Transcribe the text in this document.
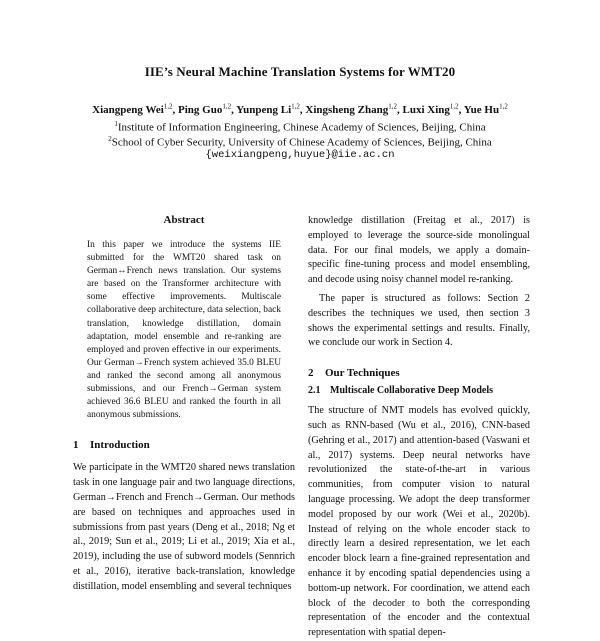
IIE’s Neural Machine Translation Systems for WMT20
Xiangpeng Wei$^{1,2}$, Ping Guo$^{1,2}$, Yunpeng Li$^{1,2}$, Xingsheng Zhang$^{1,2}$, Luxi Xing$^{1,2}$, Yue Hu$^{1,2}$
$^1$Institute of Information Engineering, Chinese Academy of Sciences, Beijing, China
$^2$School of Cyber Security, University of Chinese Academy of Sciences, Beijing, China
{weixiangpeng,huyue}@iie.ac.cn
Abstract

In this paper we introduce the systems IIE submitted for the WMT20 shared task on German↔French news translation. Our systems are based on the Transformer architecture with some effective improvements. Multiscale collaborative deep architecture, data selection, back translation, knowledge distillation, domain adaptation, model ensemble and re-ranking are employed and proven effective in our experiments. Our German→French system achieved 35.0 BLEU and ranked the second among all anonymous submissions, and our French→German system achieved 36.6 BLEU and ranked the fourth in all anonymous submissions.

1 Introduction

We participate in the WMT20 shared news translation task in one language pair and two language directions, German→French and French→German. Our methods are based on techniques and approaches used in submissions from past years (Deng et al., 2018; Ng et al., 2019; Sun et al., 2019; Li et al., 2019; Xia et al., 2019), including the use of subword models (Sennrich et al., 2016), iterative back-translation, knowledge distillation, model ensembling and several techniques

knowledge distillation (Freitag et al., 2017) is employed to leverage the source-side monolingual data. For our final models, we apply a domain-specific fine-tuning process and model ensembling, and decode using noisy channel model re-ranking.

The paper is structured as follows: Section 2 describes the techniques we used, then section 3 shows the experimental settings and results. Finally, we conclude our work in Section 4.

2 Our Techniques
2.1 Multiscale Collaborative Deep Models

The structure of NMT models has evolved quickly, such as RNN-based (Wu et al., 2016), CNN-based (Gehring et al., 2017) and attention-based (Vaswani et al., 2017) systems. Deep neural networks have revolutionized the state-of-the-art in various communities, from computer vision to natural language processing. We adopt the deep transformer model proposed by our work (Wei et al., 2020b). Instead of relying on the whole encoder stack to directly learn a desired representation, we let each encoder block learn a fine-grained representation and enhance it by encoding spatial dependencies using a bottom-up network. For coordination, we attend each block of the decoder to both the corresponding representation of the encoder and the contextual representation with spatial depen-
